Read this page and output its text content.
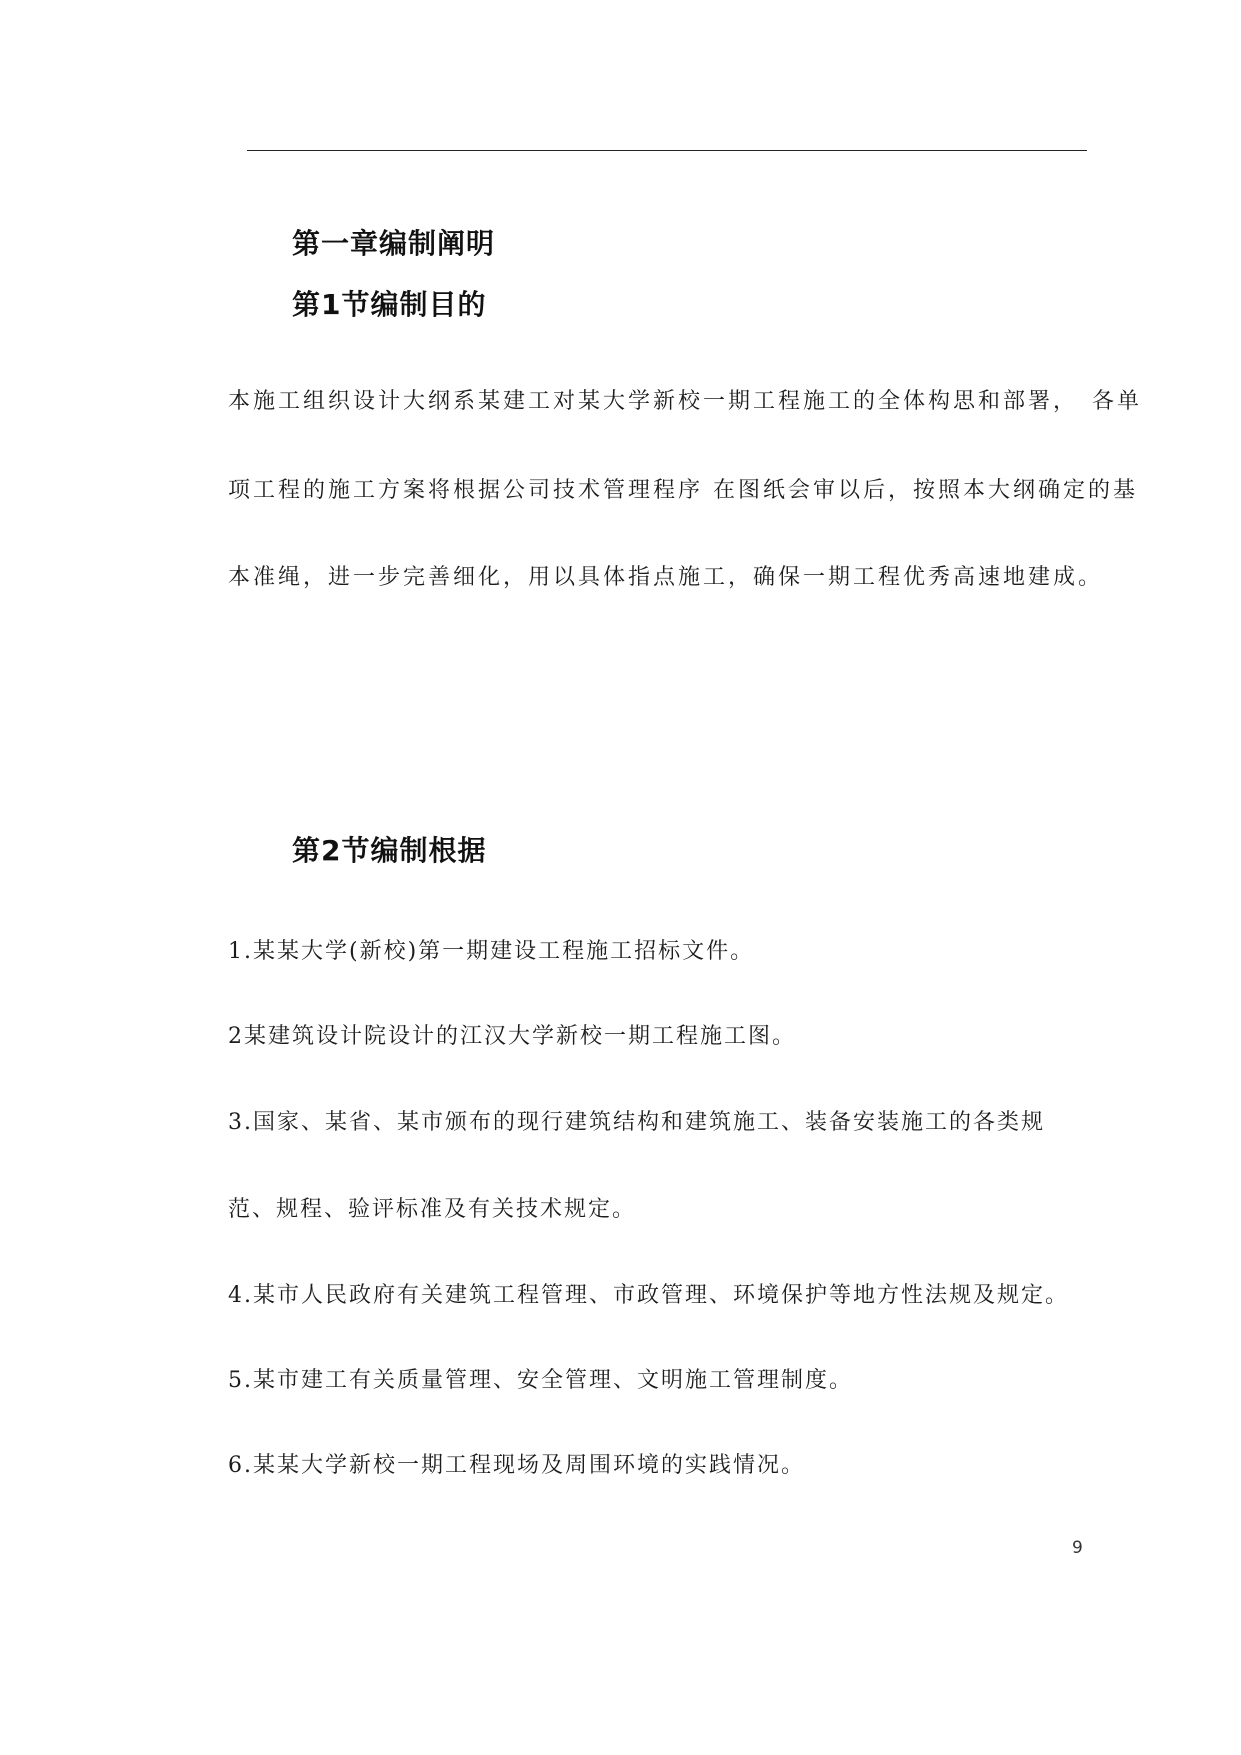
第一章编制阐明
第1节编制目的
本施工组织设计大纲系某建工对某大学新校一期工程施工的全体构思和部署，　各单
项工程的施工方案将根据公司技术管理程序 在图纸会审以后，按照本大纲确定的基
本准绳，进一步完善细化，用以具体指点施工，确保一期工程优秀高速地建成。
第2节编制根据
1.某某大学(新校)第一期建设工程施工招标文件。
2某建筑设计院设计的江汉大学新校一期工程施工图。
3.国家、某省、某市颁布的现行建筑结构和建筑施工、装备安装施工的各类规
范、规程、验评标准及有关技术规定。
4.某市人民政府有关建筑工程管理、市政管理、环境保护等地方性法规及规定。
5.某市建工有关质量管理、安全管理、文明施工管理制度。
6.某某大学新校一期工程现场及周围环境的实践情况。
9
